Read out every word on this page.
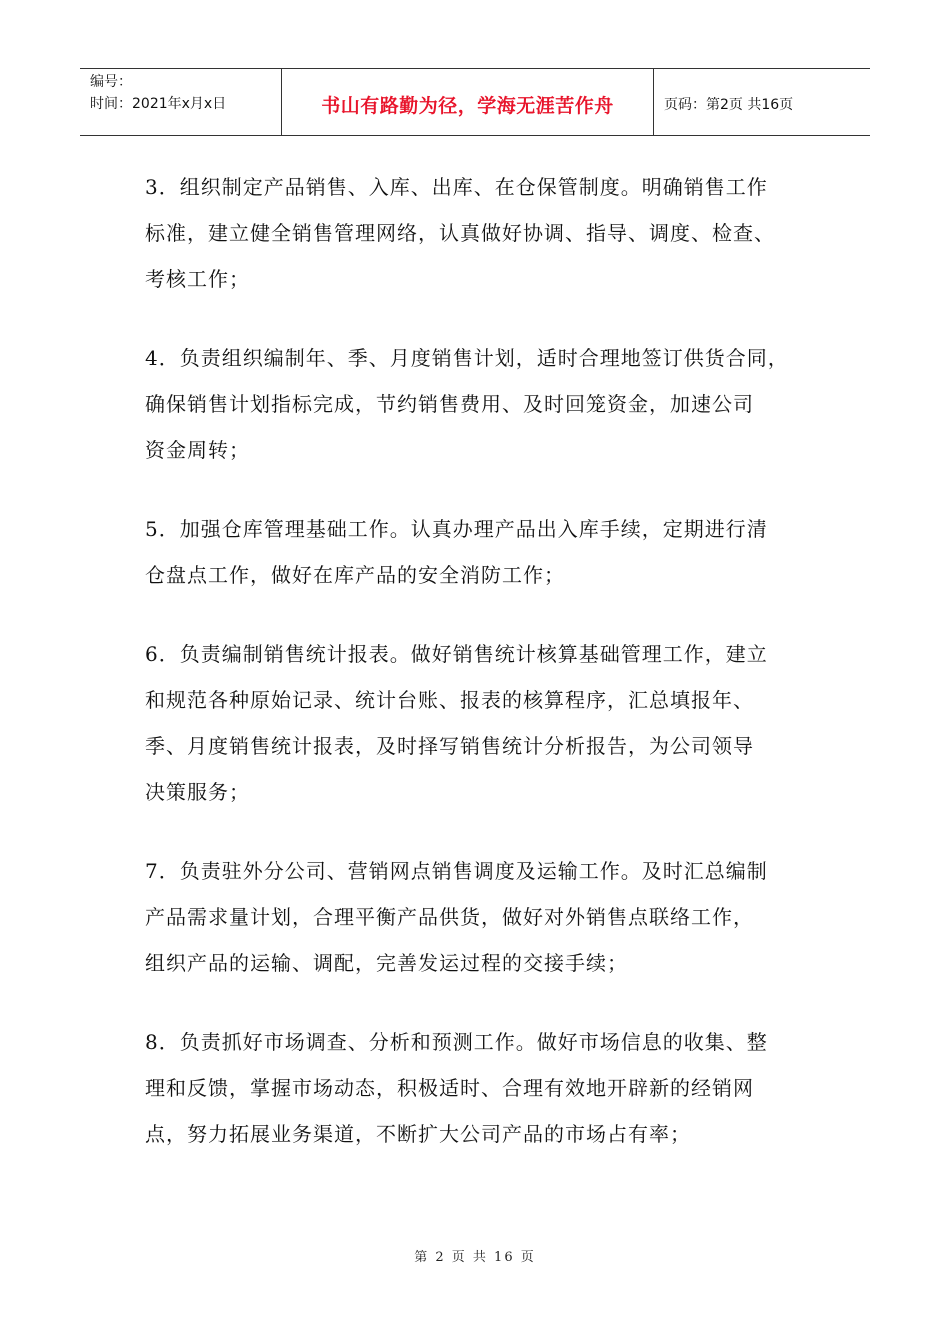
编号：
时间：2021年x月x日	书山有路勤为径，学海无涯苦作舟	页码：第2页 共16页

3．组织制定产品销售、入库、出库、在仓保管制度。明确销售工作
标准，建立健全销售管理网络，认真做好协调、指导、调度、检查、
考核工作；

4．负责组织编制年、季、月度销售计划，适时合理地签订供货合同，
确保销售计划指标完成，节约销售费用、及时回笼资金，加速公司
资金周转；

5．加强仓库管理基础工作。认真办理产品出入库手续，定期进行清
仓盘点工作，做好在库产品的安全消防工作；

6．负责编制销售统计报表。做好销售统计核算基础管理工作，建立
和规范各种原始记录、统计台账、报表的核算程序，汇总填报年、
季、月度销售统计报表，及时择写销售统计分析报告，为公司领导
决策服务；

7．负责驻外分公司、营销网点销售调度及运输工作。及时汇总编制
产品需求量计划，合理平衡产品供货，做好对外销售点联络工作，
组织产品的运输、调配，完善发运过程的交接手续；

8．负责抓好市场调查、分析和预测工作。做好市场信息的收集、整
理和反馈，掌握市场动态，积极适时、合理有效地开辟新的经销网
点，努力拓展业务渠道，不断扩大公司产品的市场占有率；

第 2 页 共 16 页
